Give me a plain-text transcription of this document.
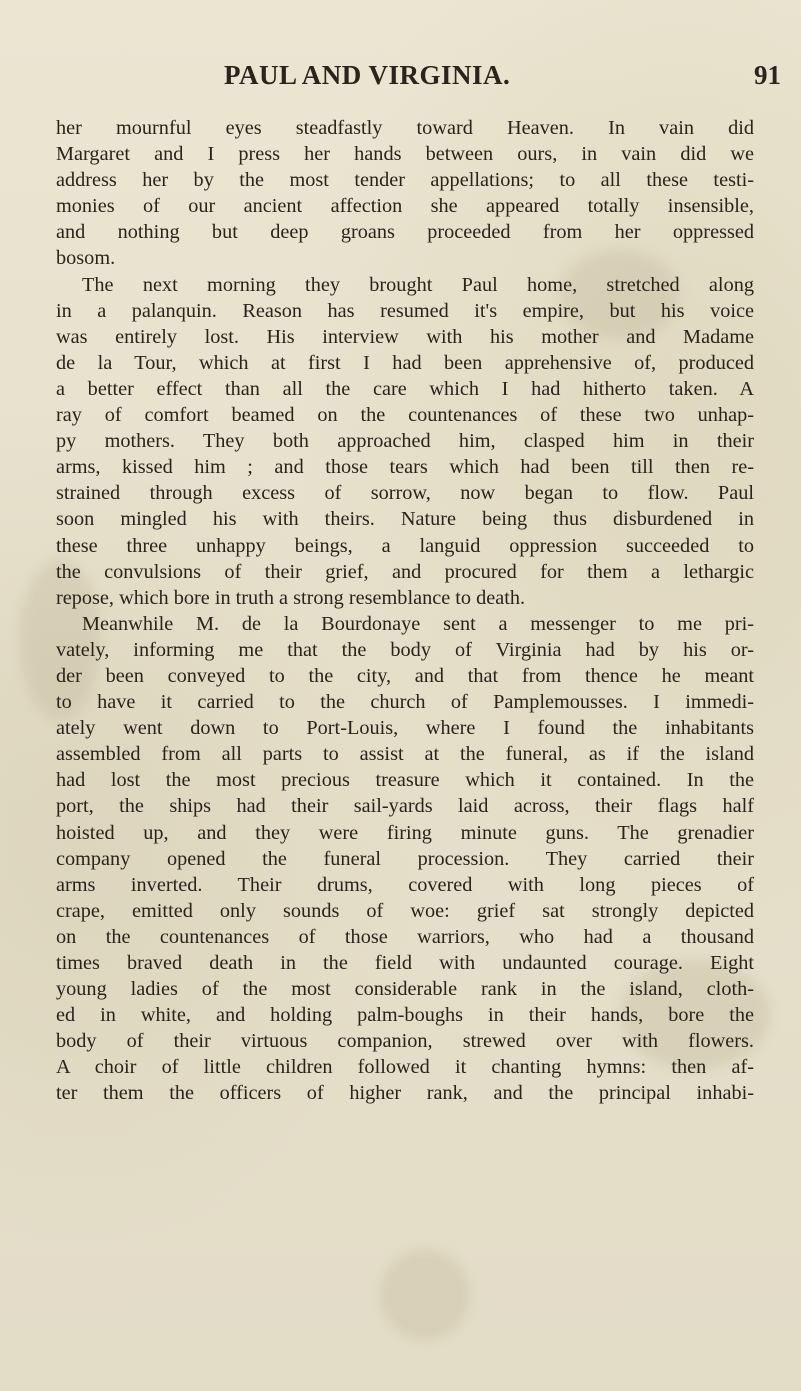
PAUL AND VIRGINIA.	91

her mournful eyes steadfastly toward Heaven. In vain did
Margaret and I press her hands between ours, in vain did we
address her by the most tender appellations; to all these testi-
monies of our ancient affection she appeared totally insensible,
and nothing but deep groans proceeded from her oppressed
bosom.

The next morning they brought Paul home, stretched along
in a palanquin. Reason has resumed it's empire, but his voice
was entirely lost. His interview with his mother and Madame
de la Tour, which at first I had been apprehensive of, produced
a better effect than all the care which I had hitherto taken. A
ray of comfort beamed on the countenances of these two unhap-
py mothers. They both approached him, clasped him in their
arms, kissed him ; and those tears which had been till then re-
strained through excess of sorrow, now began to flow. Paul
soon mingled his with theirs. Nature being thus disburdened in
these three unhappy beings, a languid oppression succeeded to
the convulsions of their grief, and procured for them a lethargic
repose, which bore in truth a strong resemblance to death.

Meanwhile M. de la Bourdonaye sent a messenger to me pri-
vately, informing me that the body of Virginia had by his or-
der been conveyed to the city, and that from thence he meant
to have it carried to the church of Pamplemousses. I immedi-
ately went down to Port-Louis, where I found the inhabitants
assembled from all parts to assist at the funeral, as if the island
had lost the most precious treasure which it contained. In the
port, the ships had their sail-yards laid across, their flags half
hoisted up, and they were firing minute guns. The grenadier
company opened the funeral procession. They carried their
arms inverted. Their drums, covered with long pieces of
crape, emitted only sounds of woe: grief sat strongly depicted
on the countenances of those warriors, who had a thousand
times braved death in the field with undaunted courage. Eight
young ladies of the most considerable rank in the island, cloth-
ed in white, and holding palm-boughs in their hands, bore the
body of their virtuous companion, strewed over with flowers.
A choir of little children followed it chanting hymns: then af-
ter them the officers of higher rank, and the principal inhabi-
